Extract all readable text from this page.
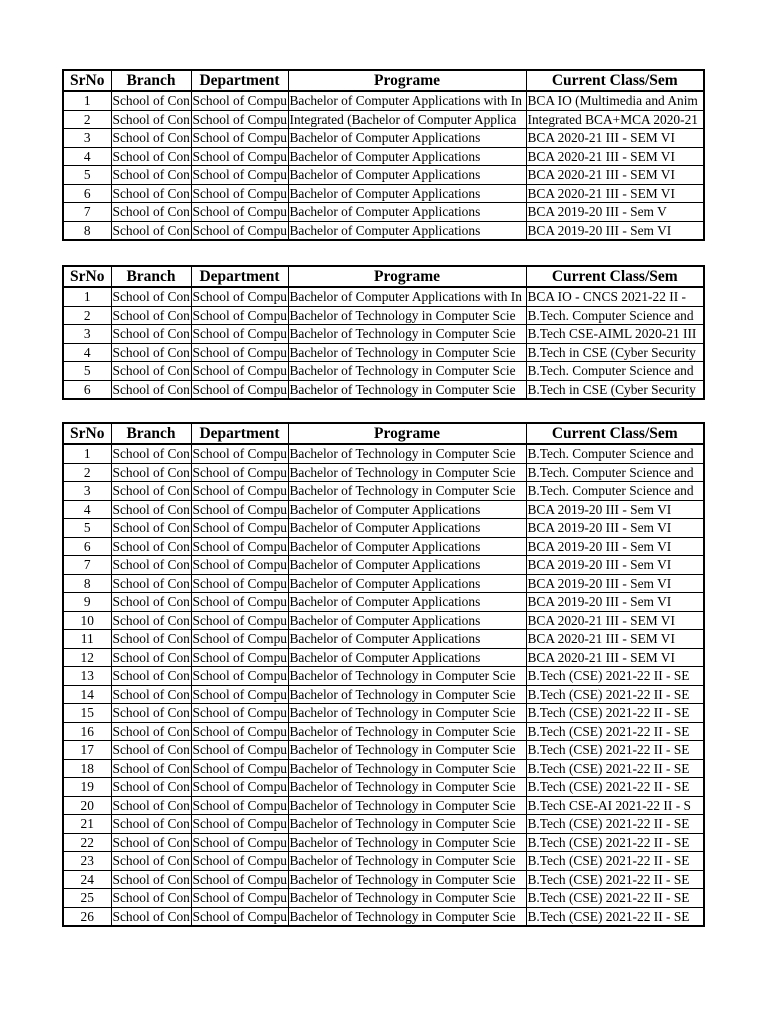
SrNo	Branch	Department	Programe	Current Class/Sem
1	School of Con	School of Compu	Bachelor of Computer Applications with In	BCA IO (Multimedia and Anim
2	School of Con	School of Compu	Integrated (Bachelor of Computer Applica	Integrated BCA+MCA 2020-21
3	School of Con	School of Compu	Bachelor of Computer Applications	BCA 2020-21 III - SEM VI
4	School of Con	School of Compu	Bachelor of Computer Applications	BCA 2020-21 III - SEM VI
5	School of Con	School of Compu	Bachelor of Computer Applications	BCA 2020-21 III - SEM VI
6	School of Con	School of Compu	Bachelor of Computer Applications	BCA 2020-21 III - SEM VI
7	School of Con	School of Compu	Bachelor of Computer Applications	BCA 2019-20 III - Sem V
8	School of Con	School of Compu	Bachelor of Computer Applications	BCA 2019-20 III - Sem VI
SrNo	Branch	Department	Programe	Current Class/Sem
1	School of Con	School of Compu	Bachelor of Computer Applications with In	BCA IO - CNCS 2021-22 II -
2	School of Con	School of Compu	Bachelor of Technology in Computer Scie	B.Tech. Computer Science and
3	School of Con	School of Compu	Bachelor of Technology in Computer Scie	B.Tech CSE-AIML 2020-21 III
4	School of Con	School of Compu	Bachelor of Technology in Computer Scie	B.Tech in CSE (Cyber Security
5	School of Con	School of Compu	Bachelor of Technology in Computer Scie	B.Tech. Computer Science and
6	School of Con	School of Compu	Bachelor of Technology in Computer Scie	B.Tech in CSE (Cyber Security
SrNo	Branch	Department	Programe	Current Class/Sem
1	School of Con	School of Compu	Bachelor of Technology in Computer Scie	B.Tech. Computer Science and
2	School of Con	School of Compu	Bachelor of Technology in Computer Scie	B.Tech. Computer Science and
3	School of Con	School of Compu	Bachelor of Technology in Computer Scie	B.Tech. Computer Science and
4	School of Con	School of Compu	Bachelor of Computer Applications	BCA 2019-20 III - Sem VI
5	School of Con	School of Compu	Bachelor of Computer Applications	BCA 2019-20 III - Sem VI
6	School of Con	School of Compu	Bachelor of Computer Applications	BCA 2019-20 III - Sem VI
7	School of Con	School of Compu	Bachelor of Computer Applications	BCA 2019-20 III - Sem VI
8	School of Con	School of Compu	Bachelor of Computer Applications	BCA 2019-20 III - Sem VI
9	School of Con	School of Compu	Bachelor of Computer Applications	BCA 2019-20 III - Sem VI
10	School of Con	School of Compu	Bachelor of Computer Applications	BCA 2020-21 III - SEM VI
11	School of Con	School of Compu	Bachelor of Computer Applications	BCA 2020-21 III - SEM VI
12	School of Con	School of Compu	Bachelor of Computer Applications	BCA 2020-21 III - SEM VI
13	School of Con	School of Compu	Bachelor of Technology in Computer Scie	B.Tech (CSE) 2021-22 II - SE
14	School of Con	School of Compu	Bachelor of Technology in Computer Scie	B.Tech (CSE) 2021-22 II - SE
15	School of Con	School of Compu	Bachelor of Technology in Computer Scie	B.Tech (CSE) 2021-22 II - SE
16	School of Con	School of Compu	Bachelor of Technology in Computer Scie	B.Tech (CSE) 2021-22 II - SE
17	School of Con	School of Compu	Bachelor of Technology in Computer Scie	B.Tech (CSE) 2021-22 II - SE
18	School of Con	School of Compu	Bachelor of Technology in Computer Scie	B.Tech (CSE) 2021-22 II - SE
19	School of Con	School of Compu	Bachelor of Technology in Computer Scie	B.Tech (CSE) 2021-22 II - SE
20	School of Con	School of Compu	Bachelor of Technology in Computer Scie	B.Tech CSE-AI 2021-22 II - S
21	School of Con	School of Compu	Bachelor of Technology in Computer Scie	B.Tech (CSE) 2021-22 II - SE
22	School of Con	School of Compu	Bachelor of Technology in Computer Scie	B.Tech (CSE) 2021-22 II - SE
23	School of Con	School of Compu	Bachelor of Technology in Computer Scie	B.Tech (CSE) 2021-22 II - SE
24	School of Con	School of Compu	Bachelor of Technology in Computer Scie	B.Tech (CSE) 2021-22 II - SE
25	School of Con	School of Compu	Bachelor of Technology in Computer Scie	B.Tech (CSE) 2021-22 II - SE
26	School of Con	School of Compu	Bachelor of Technology in Computer Scie	B.Tech (CSE) 2021-22 II - SE
